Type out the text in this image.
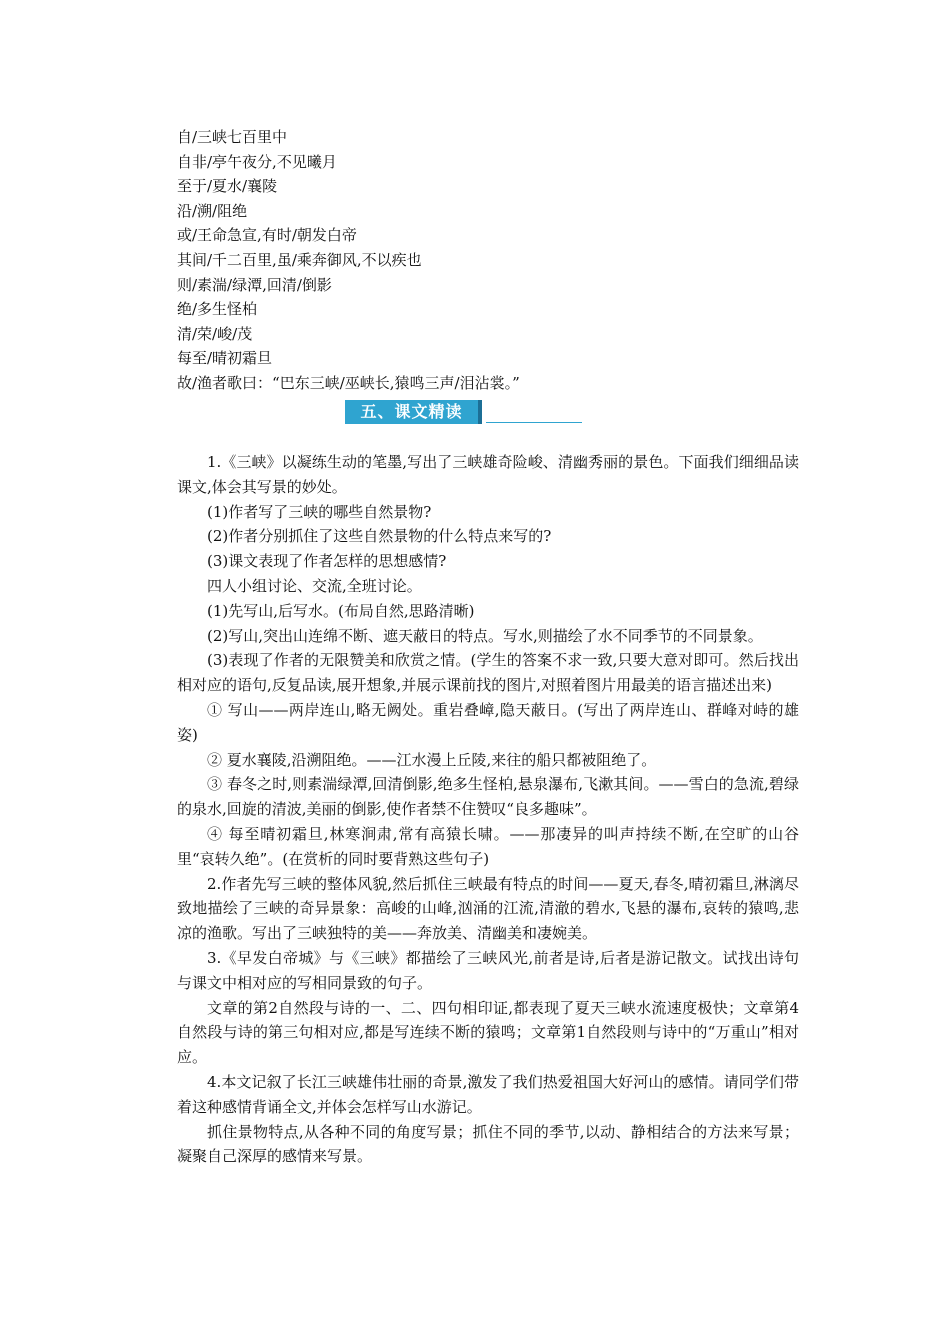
自/三峡七百里中
自非/亭午夜分,不见曦月
至于/夏水/襄陵
沿/溯/阻绝
或/王命急宣,有时/朝发白帝
其间/千二百里,虽/乘奔御风,不以疾也
则/素湍/绿潭,回清/倒影
绝/多生怪柏
清/荣/峻/茂
每至/晴初霜旦
故/渔者歌曰：“巴东三峡/巫峡长,猿鸣三声/泪沾裳。”
五、课文精读

1.《三峡》以凝练生动的笔墨,写出了三峡雄奇险峻、清幽秀丽的景色。下面我们细细品读课文,体会其写景的妙处。

(1)作者写了三峡的哪些自然景物?

(2)作者分别抓住了这些自然景物的什么特点来写的?

(3)课文表现了作者怎样的思想感情?

四人小组讨论、交流,全班讨论。

(1)先写山,后写水。(布局自然,思路清晰)

(2)写山,突出山连绵不断、遮天蔽日的特点。写水,则描绘了水不同季节的不同景象。

(3)表现了作者的无限赞美和欣赏之情。(学生的答案不求一致,只要大意对即可。然后找出相对应的语句,反复品读,展开想象,并展示课前找的图片,对照着图片用最美的语言描述出来)

① 写山——两岸连山,略无阙处。重岩叠嶂,隐天蔽日。(写出了两岸连山、群峰对峙的雄姿)

② 夏水襄陵,沿溯阻绝。——江水漫上丘陵,来往的船只都被阻绝了。

③ 春冬之时,则素湍绿潭,回清倒影,绝多生怪柏,悬泉瀑布,飞漱其间。——雪白的急流,碧绿的泉水,回旋的清波,美丽的倒影,使作者禁不住赞叹“良多趣味”。

④ 每至晴初霜旦,林寒涧肃,常有高猿长啸。——那凄异的叫声持续不断,在空旷的山谷里“哀转久绝”。(在赏析的同时要背熟这些句子)

2.作者先写三峡的整体风貌,然后抓住三峡最有特点的时间——夏天,春冬,晴初霜旦,淋漓尽致地描绘了三峡的奇异景象：高峻的山峰,汹涌的江流,清澈的碧水,飞悬的瀑布,哀转的猿鸣,悲凉的渔歌。写出了三峡独特的美——奔放美、清幽美和凄婉美。

3.《早发白帝城》与《三峡》都描绘了三峡风光,前者是诗,后者是游记散文。试找出诗句与课文中相对应的写相同景致的句子。

文章的第2自然段与诗的一、二、四句相印证,都表现了夏天三峡水流速度极快；文章第4自然段与诗的第三句相对应,都是写连续不断的猿鸣；文章第1自然段则与诗中的“万重山”相对应。

4.本文记叙了长江三峡雄伟壮丽的奇景,激发了我们热爱祖国大好河山的感情。请同学们带着这种感情背诵全文,并体会怎样写山水游记。

抓住景物特点,从各种不同的角度写景；抓住不同的季节,以动、静相结合的方法来写景；凝聚自己深厚的感情来写景。
